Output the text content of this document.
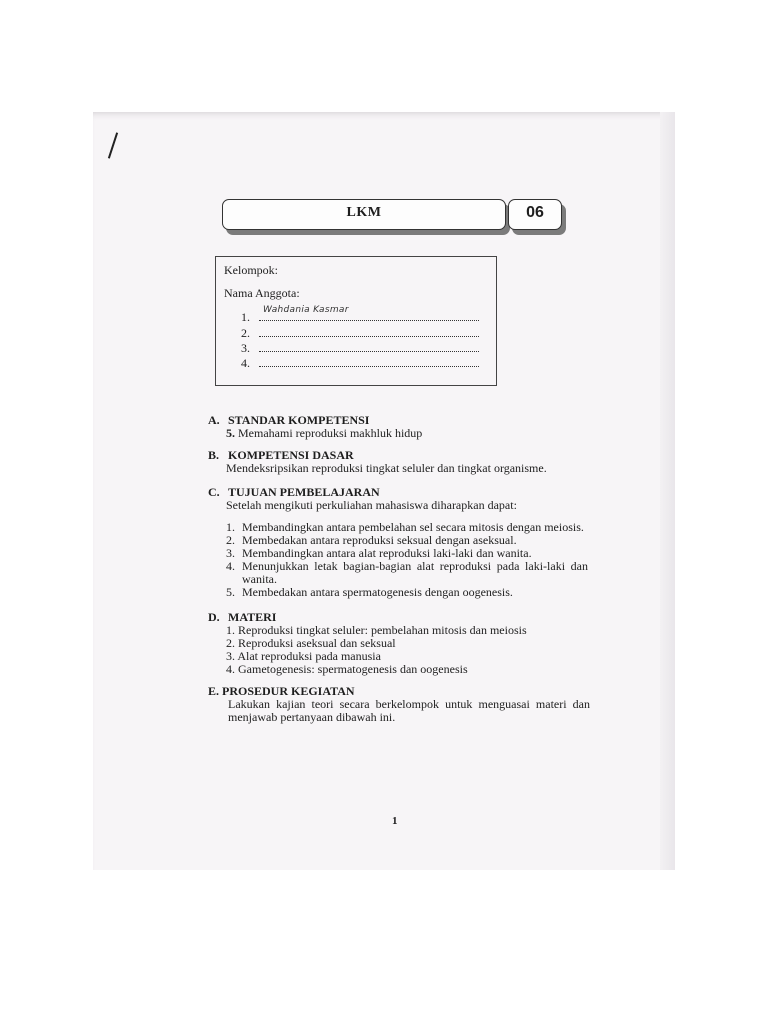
LKM	06
Kelompok:
Nama Anggota:
1. Wahdania Kasmar
2.
3.
4.
A. STANDAR KOMPETENSI
5. Memahami reproduksi makhluk hidup
B. KOMPETENSI DASAR
Mendeksripsikan reproduksi tingkat seluler dan tingkat organisme.
C. TUJUAN PEMBELAJARAN
Setelah mengikuti perkuliahan mahasiswa diharapkan dapat:
1. Membandingkan antara pembelahan sel secara mitosis dengan meiosis.
2. Membedakan antara reproduksi seksual dengan aseksual.
3. Membandingkan antara alat reproduksi laki-laki dan wanita.
4. Menunjukkan letak bagian-bagian alat reproduksi pada laki-laki dan wanita.
5. Membedakan antara spermatogenesis dengan oogenesis.
D. MATERI
1. Reproduksi tingkat seluler: pembelahan mitosis dan meiosis
2. Reproduksi aseksual dan seksual
3. Alat reproduksi pada manusia
4. Gametogenesis: spermatogenesis dan oogenesis
E. PROSEDUR KEGIATAN
Lakukan kajian teori secara berkelompok untuk menguasai materi dan menjawab pertanyaan dibawah ini.
1
